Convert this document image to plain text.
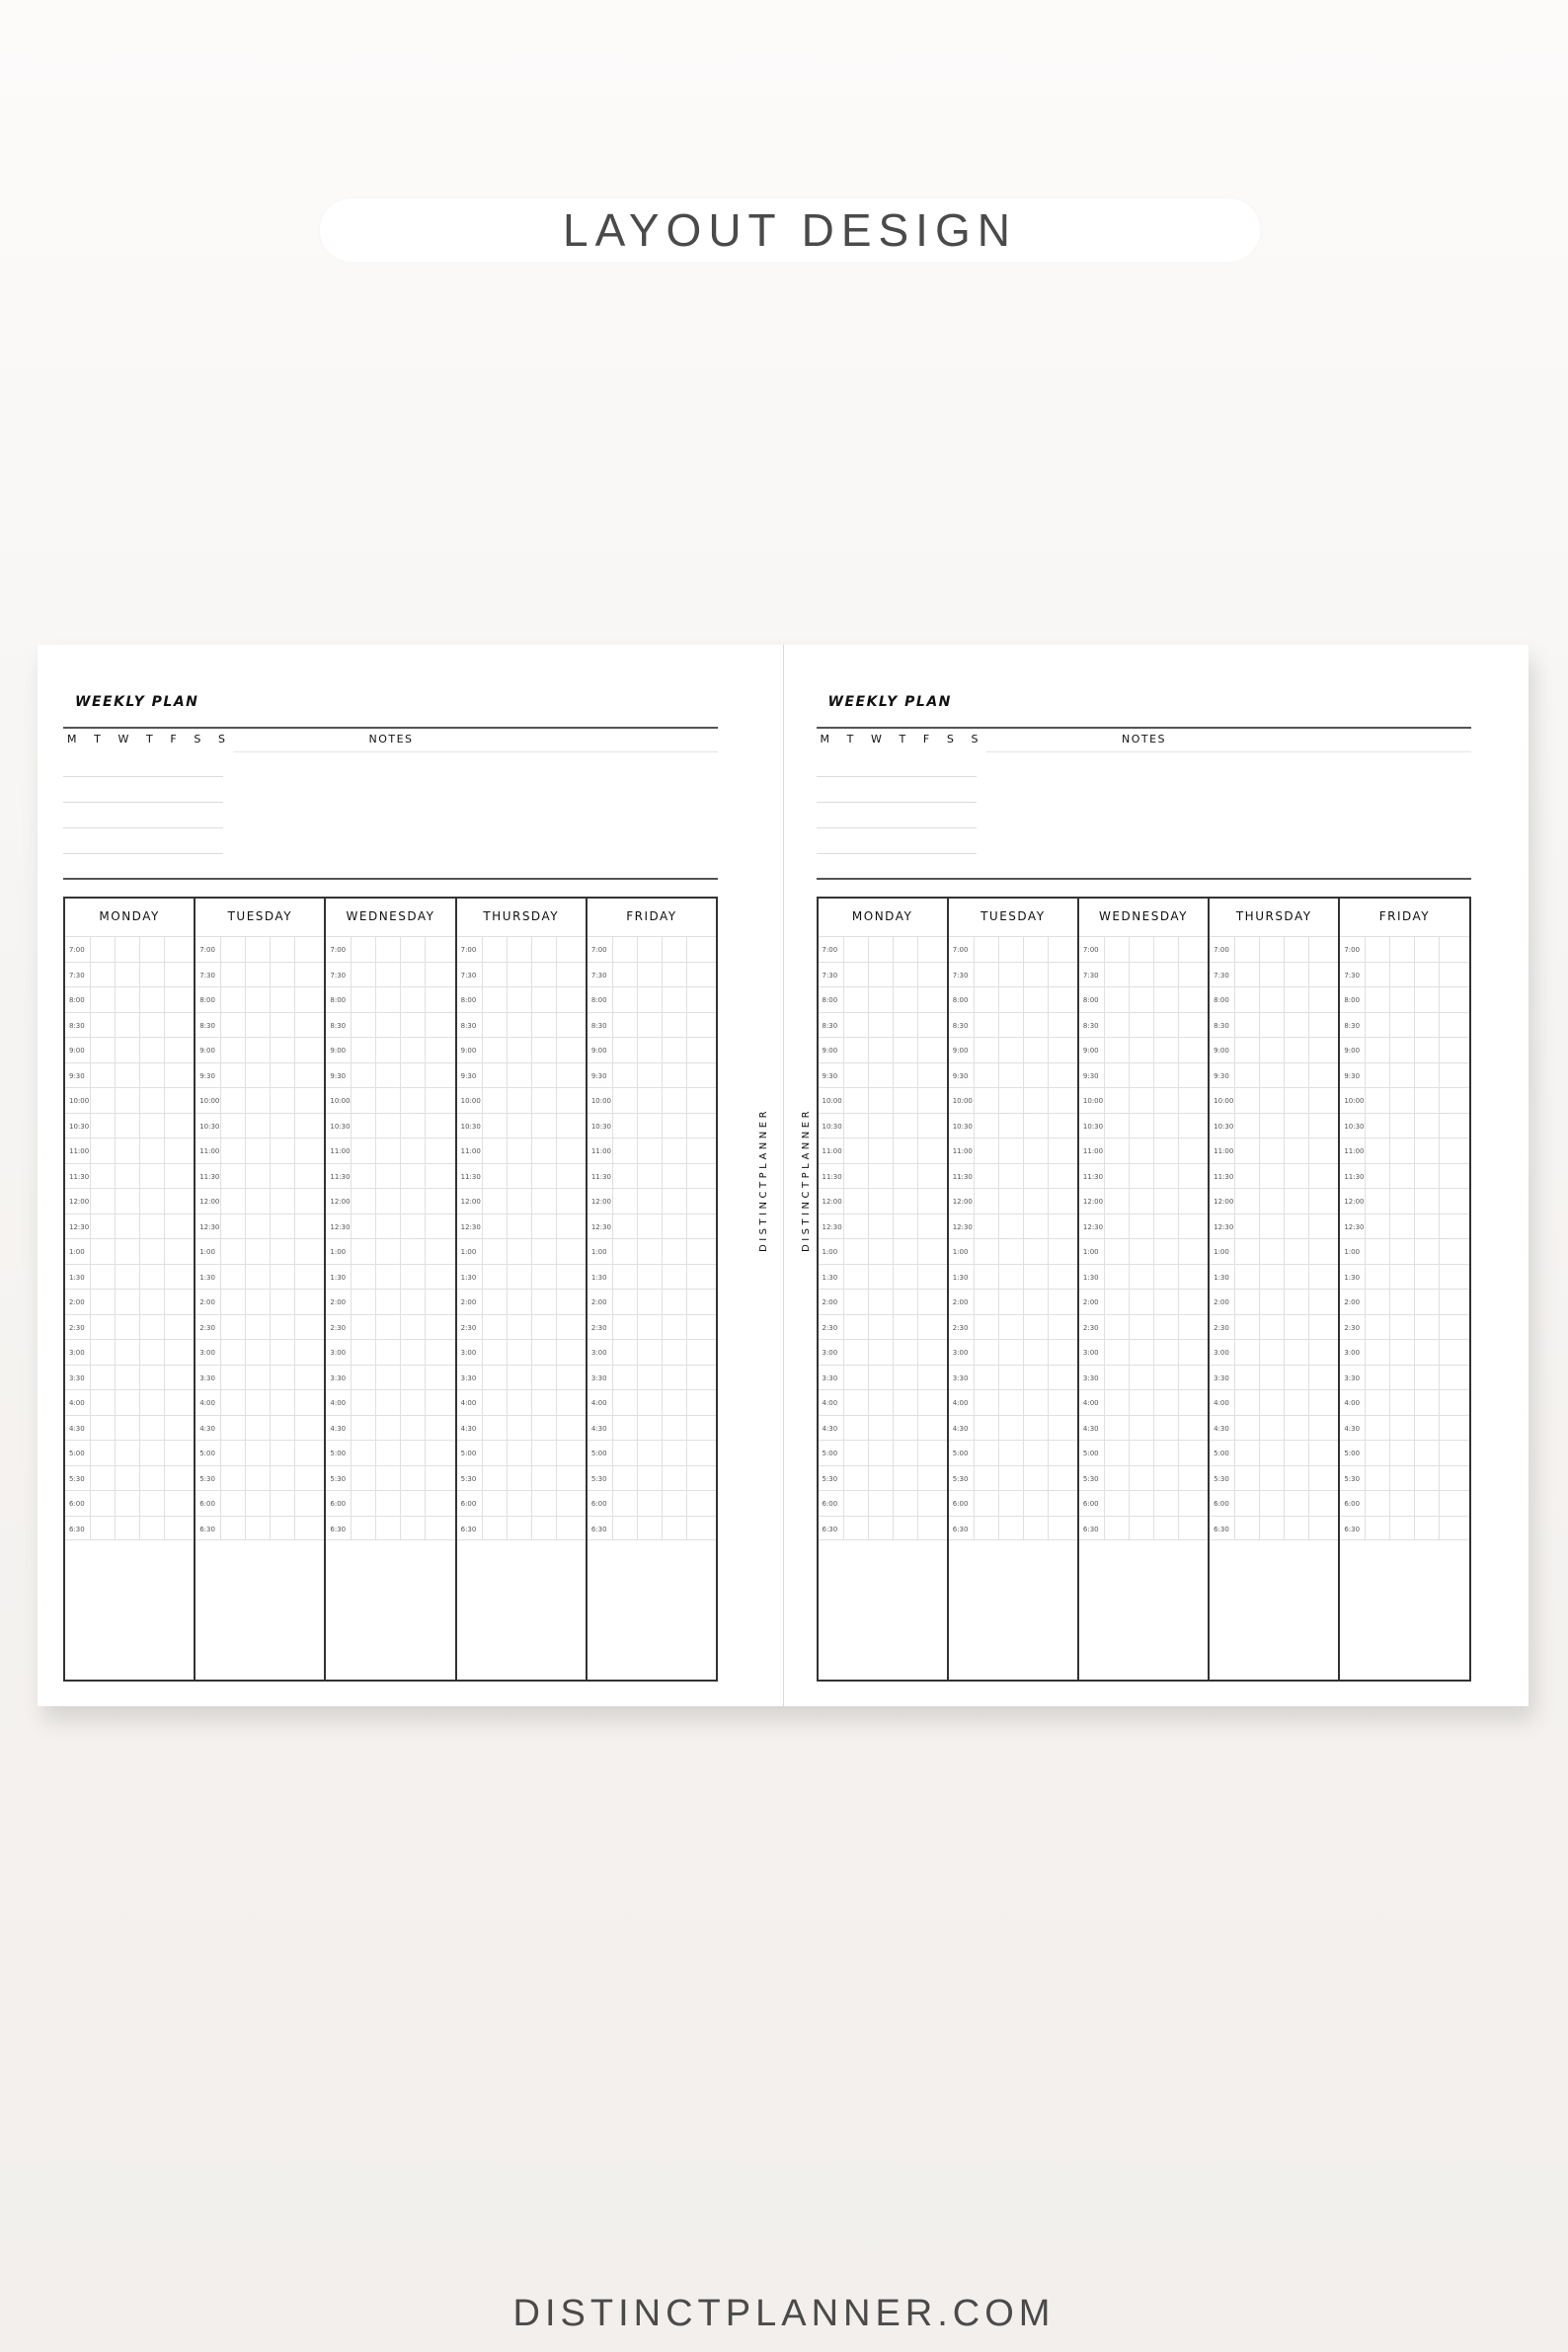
LAYOUT DESIGN
WEEKLY PLAN
M T W T F S S	NOTES
MONDAY
7:00
7:30
8:00
8:30
9:00
9:30
10:00
10:30
11:00
11:30
12:00
12:30
1:00
1:30
2:00
2:30
3:00
3:30
4:00
4:30
5:00
5:30
6:00
6:30
TUESDAY
7:00
7:30
8:00
8:30
9:00
9:30
10:00
10:30
11:00
11:30
12:00
12:30
1:00
1:30
2:00
2:30
3:00
3:30
4:00
4:30
5:00
5:30
6:00
6:30
WEDNESDAY
7:00
7:30
8:00
8:30
9:00
9:30
10:00
10:30
11:00
11:30
12:00
12:30
1:00
1:30
2:00
2:30
3:00
3:30
4:00
4:30
5:00
5:30
6:00
6:30
THURSDAY
7:00
7:30
8:00
8:30
9:00
9:30
10:00
10:30
11:00
11:30
12:00
12:30
1:00
1:30
2:00
2:30
3:00
3:30
4:00
4:30
5:00
5:30
6:00
6:30
FRIDAY
7:00
7:30
8:00
8:30
9:00
9:30
10:00
10:30
11:00
11:30
12:00
12:30
1:00
1:30
2:00
2:30
3:00
3:30
4:00
4:30
5:00
5:30
6:00
6:30
WEEKLY PLAN
M T W T F S S	NOTES
MONDAY
7:00
7:30
8:00
8:30
9:00
9:30
10:00
10:30
11:00
11:30
12:00
12:30
1:00
1:30
2:00
2:30
3:00
3:30
4:00
4:30
5:00
5:30
6:00
6:30
TUESDAY
7:00
7:30
8:00
8:30
9:00
9:30
10:00
10:30
11:00
11:30
12:00
12:30
1:00
1:30
2:00
2:30
3:00
3:30
4:00
4:30
5:00
5:30
6:00
6:30
WEDNESDAY
7:00
7:30
8:00
8:30
9:00
9:30
10:00
10:30
11:00
11:30
12:00
12:30
1:00
1:30
2:00
2:30
3:00
3:30
4:00
4:30
5:00
5:30
6:00
6:30
THURSDAY
7:00
7:30
8:00
8:30
9:00
9:30
10:00
10:30
11:00
11:30
12:00
12:30
1:00
1:30
2:00
2:30
3:00
3:30
4:00
4:30
5:00
5:30
6:00
6:30
FRIDAY
7:00
7:30
8:00
8:30
9:00
9:30
10:00
10:30
11:00
11:30
12:00
12:30
1:00
1:30
2:00
2:30
3:00
3:30
4:00
4:30
5:00
5:30
6:00
6:30
DISTINCTPLANNER	DISTINCTPLANNER
DISTINCTPLANNER.COM
